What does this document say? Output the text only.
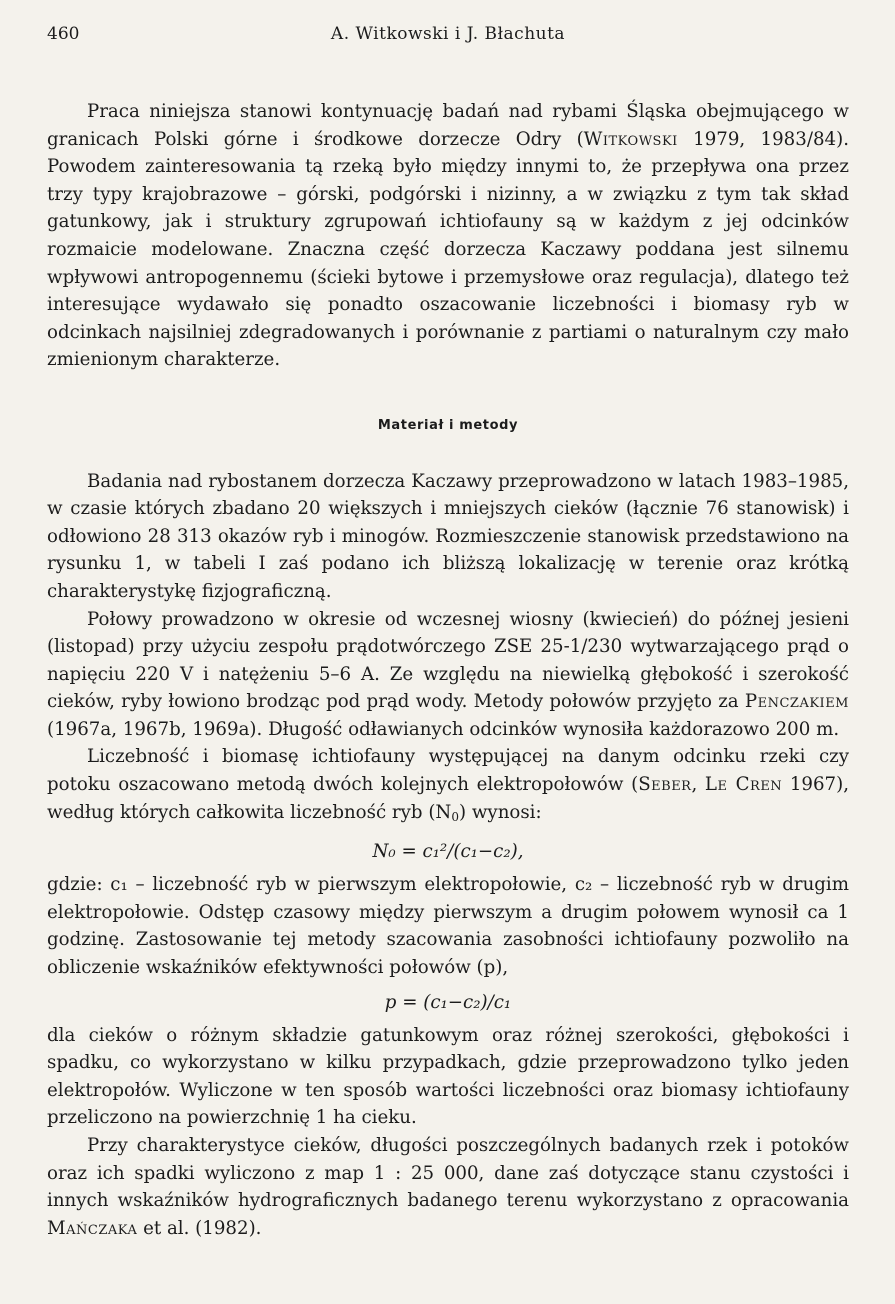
460	A. Witkowski i J. Błachuta

Praca niniejsza stanowi kontynuację badań nad rybami Śląska obejmującego w granicach Polski górne i środkowe dorzecze Odry (Witkowski 1979, 1983/84). Powodem zainteresowania tą rzeką było między innymi to, że przepływa ona przez trzy typy krajobrazowe – górski, podgórski i nizinny, a w związku z tym tak skład gatunkowy, jak i struktury zgrupowań ichtiofauny są w każdym z jej odcinków rozmaicie modelowane. Znaczna część dorzecza Kaczawy poddana jest silnemu wpływowi antropogennemu (ścieki bytowe i przemysłowe oraz regulacja), dlatego też interesujące wydawało się ponadto oszacowanie liczebności i biomasy ryb w odcinkach najsilniej zdegradowanych i porównanie z partiami o naturalnym czy mało zmienionym charakterze.

Materiał i metody

Badania nad rybostanem dorzecza Kaczawy przeprowadzono w latach 1983–1985, w czasie których zbadano 20 większych i mniejszych cieków (łącznie 76 stanowisk) i odłowiono 28 313 okazów ryb i minogów. Rozmieszczenie stanowisk przedstawiono na rysunku 1, w tabeli I zaś podano ich bliższą lokalizację w terenie oraz krótką charakterystykę fizjograficzną.

Połowy prowadzono w okresie od wczesnej wiosny (kwiecień) do późnej jesieni (listopad) przy użyciu zespołu prądotwórczego ZSE 25-1/230 wytwarzającego prąd o napięciu 220 V i natężeniu 5–6 A. Ze względu na niewielką głębokość i szerokość cieków, ryby łowiono brodząc pod prąd wody. Metody połowów przyjęto za Penczakiem (1967a, 1967b, 1969a). Długość odławianych odcinków wynosiła każdorazowo 200 m.

Liczebność i biomasę ichtiofauny występującej na danym odcinku rzeki czy potoku oszacowano metodą dwóch kolejnych elektropołowów (Seber, Le Cren 1967), według których całkowita liczebność ryb (N0) wynosi:

N₀ = c₁²/(c₁−c₂),

gdzie: c₁ – liczebność ryb w pierwszym elektropołowie, c₂ – liczebność ryb w drugim elektropołowie. Odstęp czasowy między pierwszym a drugim połowem wynosił ca 1 godzinę. Zastosowanie tej metody szacowania zasobności ichtiofauny pozwoliło na obliczenie wskaźników efektywności połowów (p),

p = (c₁−c₂)/c₁

dla cieków o różnym składzie gatunkowym oraz różnej szerokości, głębokości i spadku, co wykorzystano w kilku przypadkach, gdzie przeprowadzono tylko jeden elektropołów. Wyliczone w ten sposób wartości liczebności oraz biomasy ichtiofauny przeliczono na powierzchnię 1 ha cieku.

Przy charakterystyce cieków, długości poszczególnych badanych rzek i potoków oraz ich spadki wyliczono z map 1 : 25 000, dane zaś dotyczące stanu czystości i innych wskaźników hydrograficznych badanego terenu wykorzystano z opracowania Mańczaka et al. (1982).
